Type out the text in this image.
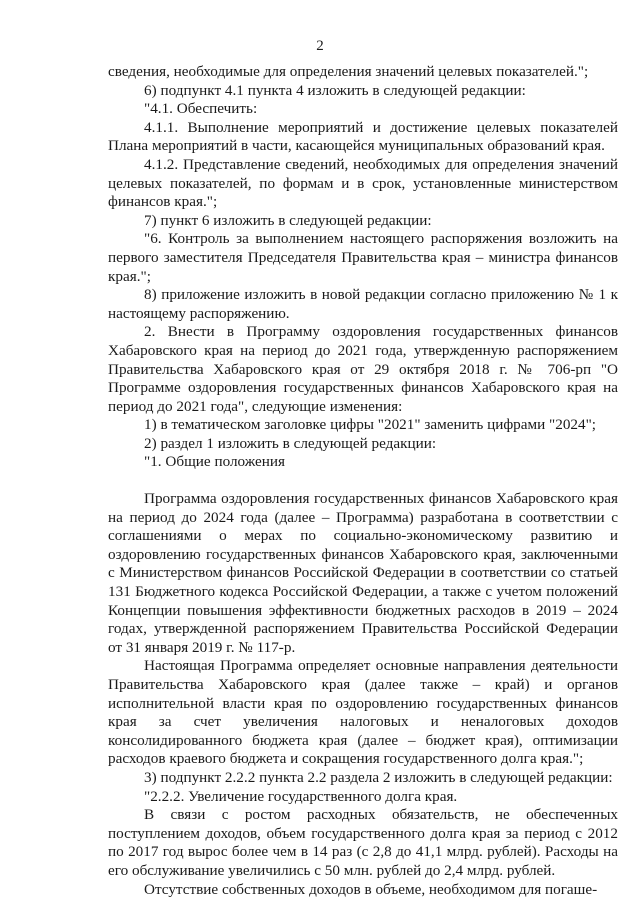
2

сведения, необходимые для определения значений целевых показателей.";

6) подпункт 4.1 пункта 4 изложить в следующей редакции:

"4.1. Обеспечить:

4.1.1. Выполнение мероприятий и достижение целевых показателей Плана мероприятий в части, касающейся муниципальных образований края.

4.1.2. Представление сведений, необходимых для определения значений целевых показателей, по формам и в срок, установленные министерством финансов края.";

7) пункт 6 изложить в следующей редакции:

"6. Контроль за выполнением настоящего распоряжения возложить на первого заместителя Председателя Правительства края – министра финансов края.";

8) приложение изложить в новой редакции согласно приложению № 1 к настоящему распоряжению.

2. Внести в Программу оздоровления государственных финансов Хабаровского края на период до 2021 года, утвержденную распоряжением Правительства Хабаровского края от 29 октября 2018 г. № 706-рп "О Программе оздоровления государственных финансов Хабаровского края на период до 2021 года", следующие изменения:

1) в тематическом заголовке цифры "2021" заменить цифрами "2024";

2) раздел 1 изложить в следующей редакции:

"1. Общие положения

Программа оздоровления государственных финансов Хабаровского края на период до 2024 года (далее – Программа) разработана в соответствии с соглашениями о мерах по социально-экономическому развитию и оздоровлению государственных финансов Хабаровского края, заключенными с Министерством финансов Российской Федерации в соответствии со статьей 131 Бюджетного кодекса Российской Федерации, а также с учетом положений Концепции повышения эффективности бюджетных расходов в 2019 – 2024 годах, утвержденной распоряжением Правительства Российской Федерации от 31 января 2019 г. № 117-р.

Настоящая Программа определяет основные направления деятельности Правительства Хабаровского края (далее также – край) и органов исполнительной власти края по оздоровлению государственных финансов края за счет увеличения налоговых и неналоговых доходов консолидированного бюджета края (далее – бюджет края), оптимизации расходов краевого бюджета и сокращения государственного долга края.";

3) подпункт 2.2.2 пункта 2.2 раздела 2 изложить в следующей редакции:

"2.2.2. Увеличение государственного долга края.

В связи с ростом расходных обязательств, не обеспеченных поступлением доходов, объем государственного долга края за период с 2012 по 2017 год вырос более чем в 14 раз (с 2,8 до 41,1 млрд. рублей). Расходы на его обслуживание увеличились с 50 млн. рублей до 2,4 млрд. рублей.

Отсутствие собственных доходов в объеме, необходимом для погаше-
